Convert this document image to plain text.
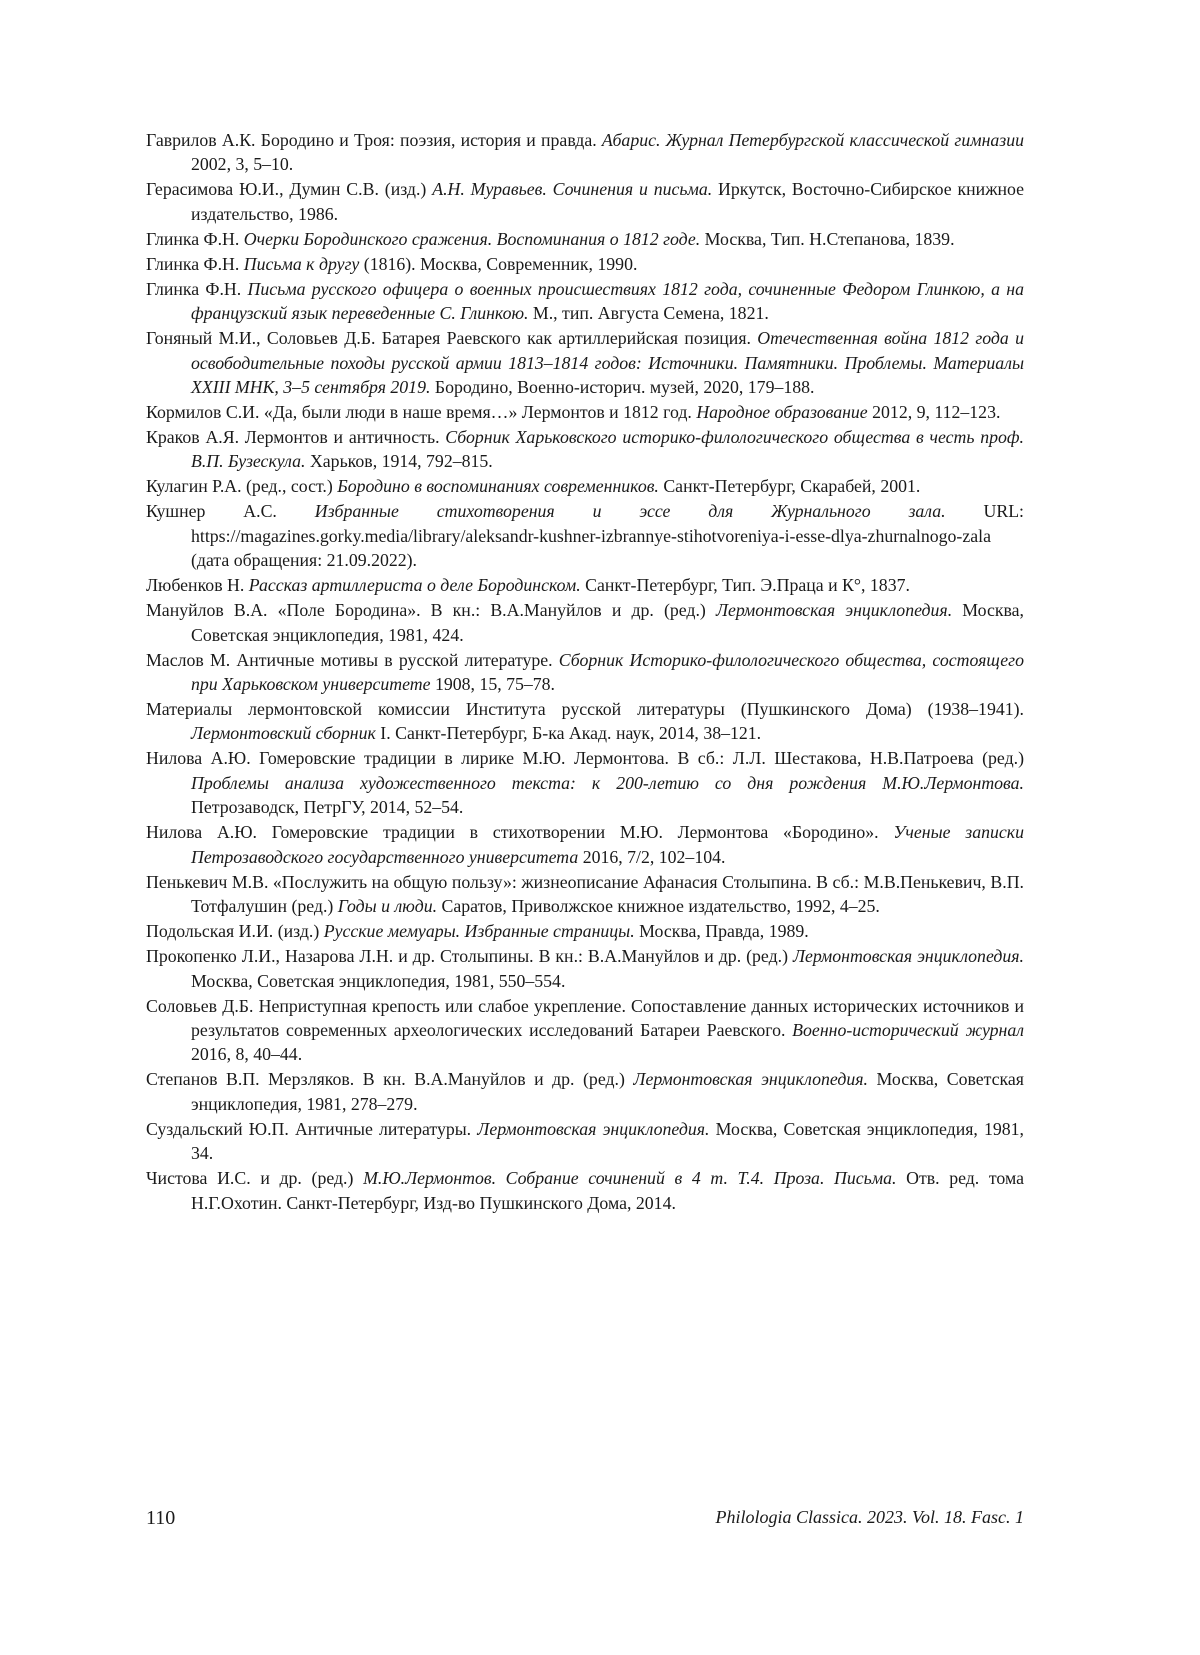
Гаврилов А.К. Бородино и Троя: поэзия, история и правда. Абарис. Журнал Петербургской классической гимназии 2002, 3, 5–10.

Герасимова Ю.И., Думин С.В. (изд.) А.Н. Муравьев. Сочинения и письма. Иркутск, Восточно-Сибирское книжное издательство, 1986.

Глинка Ф.Н. Очерки Бородинского сражения. Воспоминания о 1812 годе. Москва, Тип. Н.Степанова, 1839.

Глинка Ф.Н. Письма к другу (1816). Москва, Современник, 1990.

Глинка Ф.Н. Письма русского офицера о военных происшествиях 1812 года, сочиненные Федором Глинкою, а на французский язык переведенные С. Глинкою. М., тип. Августа Семена, 1821.

Гоняный М.И., Соловьев Д.Б. Батарея Раевского как артиллерийская позиция. Отечественная война 1812 года и освободительные походы русской армии 1813–1814 годов: Источники. Памятники. Проблемы. Материалы XXIII МНК, 3–5 сентября 2019. Бородино, Военно-историч. музей, 2020, 179–188.

Кормилов С.И. «Да, были люди в наше время…» Лермонтов и 1812 год. Народное образование 2012, 9, 112–123.

Краков А.Я. Лермонтов и античность. Сборник Харьковского историко-филологического общества в честь проф. В.П. Бузескула. Харьков, 1914, 792–815.

Кулагин Р.А. (ред., сост.) Бородино в воспоминаниях современников. Санкт-Петербург, Скарабей, 2001.

Кушнер А.С. Избранные стихотворения и эссе для Журнального зала. URL: https://magazines.gorky.media/library/aleksandr-kushner-izbrannye-stihotvoreniya-i-esse-dlya-zhurnalnogo-zala (дата обращения: 21.09.2022).

Любенков Н. Рассказ артиллериста о деле Бородинском. Санкт-Петербург, Тип. Э.Праца и К°, 1837.

Мануйлов В.А. «Поле Бородина». В кн.: В.А.Мануйлов и др. (ред.) Лермонтовская энциклопедия. Москва, Советская энциклопедия, 1981, 424.

Маслов М. Античные мотивы в русской литературе. Сборник Историко-филологического общества, состоящего при Харьковском университете 1908, 15, 75–78.

Материалы лермонтовской комиссии Института русской литературы (Пушкинского Дома) (1938–1941). Лермонтовский сборник I. Санкт-Петербург, Б-ка Акад. наук, 2014, 38–121.

Нилова А.Ю. Гомеровские традиции в лирике М.Ю. Лермонтова. В сб.: Л.Л. Шестакова, Н.В.Патроева (ред.) Проблемы анализа художественного текста: к 200-летию со дня рождения М.Ю.Лермонтова. Петрозаводск, ПетрГУ, 2014, 52–54.

Нилова А.Ю. Гомеровские традиции в стихотворении М.Ю. Лермонтова «Бородино». Ученые записки Петрозаводского государственного университета 2016, 7/2, 102–104.

Пенькевич М.В. «Послужить на общую пользу»: жизнеописание Афанасия Столыпина. В сб.: М.В.Пенькевич, В.П. Тотфалушин (ред.) Годы и люди. Саратов, Приволжское книжное издательство, 1992, 4–25.

Подольская И.И. (изд.) Русские мемуары. Избранные страницы. Москва, Правда, 1989.

Прокопенко Л.И., Назарова Л.Н. и др. Столыпины. В кн.: В.А.Мануйлов и др. (ред.) Лермонтовская энциклопедия. Москва, Советская энциклопедия, 1981, 550–554.

Соловьев Д.Б. Неприступная крепость или слабое укрепление. Сопоставление данных исторических источников и результатов современных археологических исследований Батареи Раевского. Военно-исторический журнал 2016, 8, 40–44.

Степанов В.П. Мерзляков. В кн. В.А.Мануйлов и др. (ред.) Лермонтовская энциклопедия. Москва, Советская энциклопедия, 1981, 278–279.

Суздальский Ю.П. Античные литературы. Лермонтовская энциклопедия. Москва, Советская энциклопедия, 1981, 34.

Чистова И.С. и др. (ред.) М.Ю.Лермонтов. Собрание сочинений в 4 т. Т.4. Проза. Письма. Отв. ред. тома Н.Г.Охотин. Санкт-Петербург, Изд-во Пушкинского Дома, 2014.

110	Philologia Classica. 2023. Vol. 18. Fasc. 1
